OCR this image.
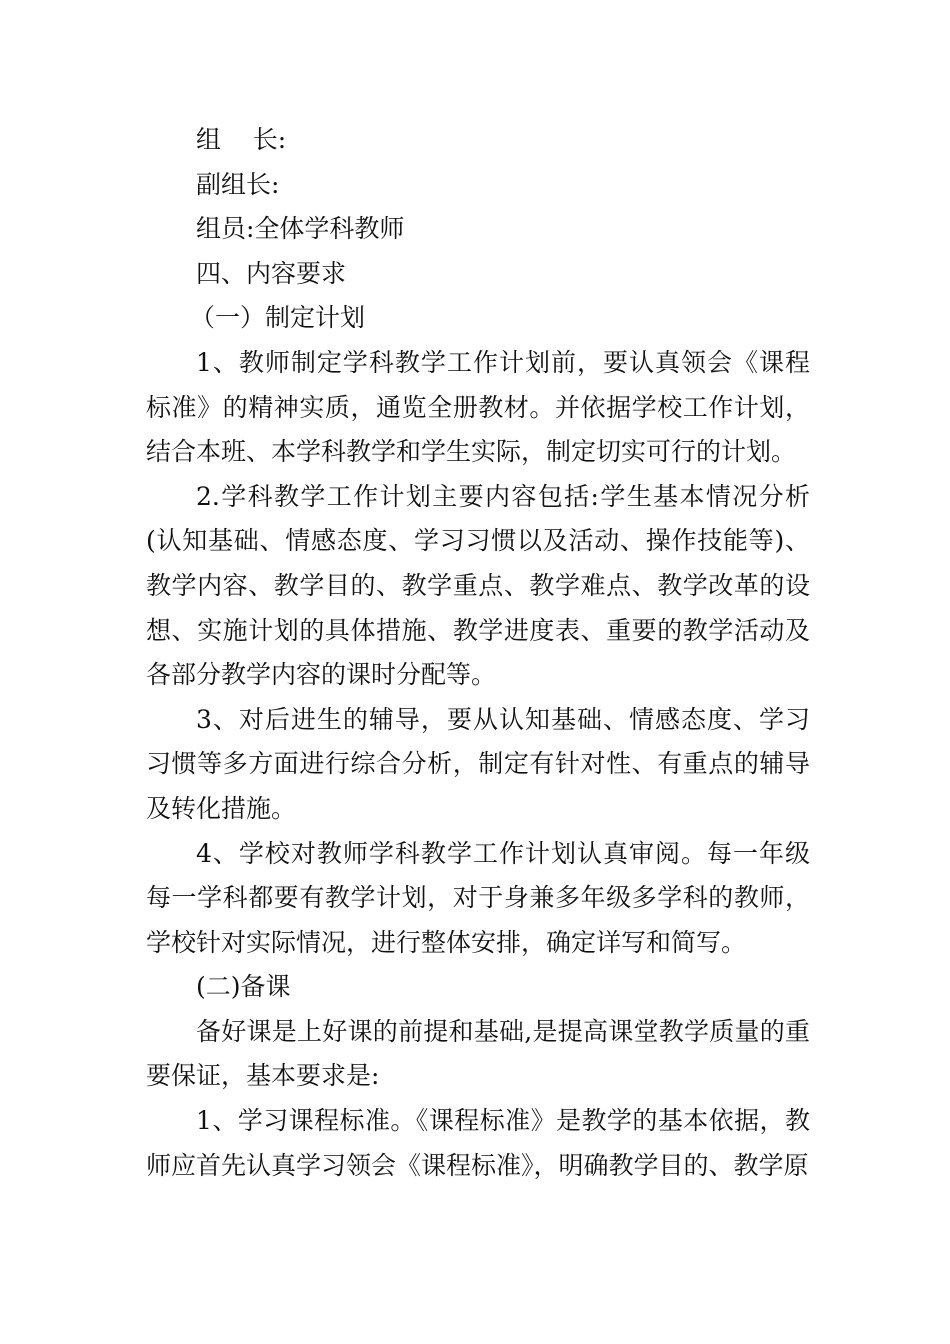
组    长:

副组长:

组员:全体学科教师

四、内容要求

（一）制定计划

1、教师制定学科教学工作计划前，要认真领会《课程标准》的精神实质，通览全册教材。并依据学校工作计划，结合本班、本学科教学和学生实际，制定切实可行的计划。

2.学科教学工作计划主要内容包括:学生基本情况分析(认知基础、情感态度、学习习惯以及活动、操作技能等)、教学内容、教学目的、教学重点、教学难点、教学改革的设想、实施计划的具体措施、教学进度表、重要的教学活动及各部分教学内容的课时分配等。

3、对后进生的辅导，要从认知基础、情感态度、学习习惯等多方面进行综合分析，制定有针对性、有重点的辅导及转化措施。

4、学校对教师学科教学工作计划认真审阅。每一年级每一学科都要有教学计划，对于身兼多年级多学科的教师，学校针对实际情况，进行整体安排，确定详写和简写。

(二)备课

备好课是上好课的前提和基础,是提高课堂教学质量的重要保证，基本要求是:

1、学习课程标准。《课程标准》是教学的基本依据，教师应首先认真学习领会《课程标准》，明确教学目的、教学原
